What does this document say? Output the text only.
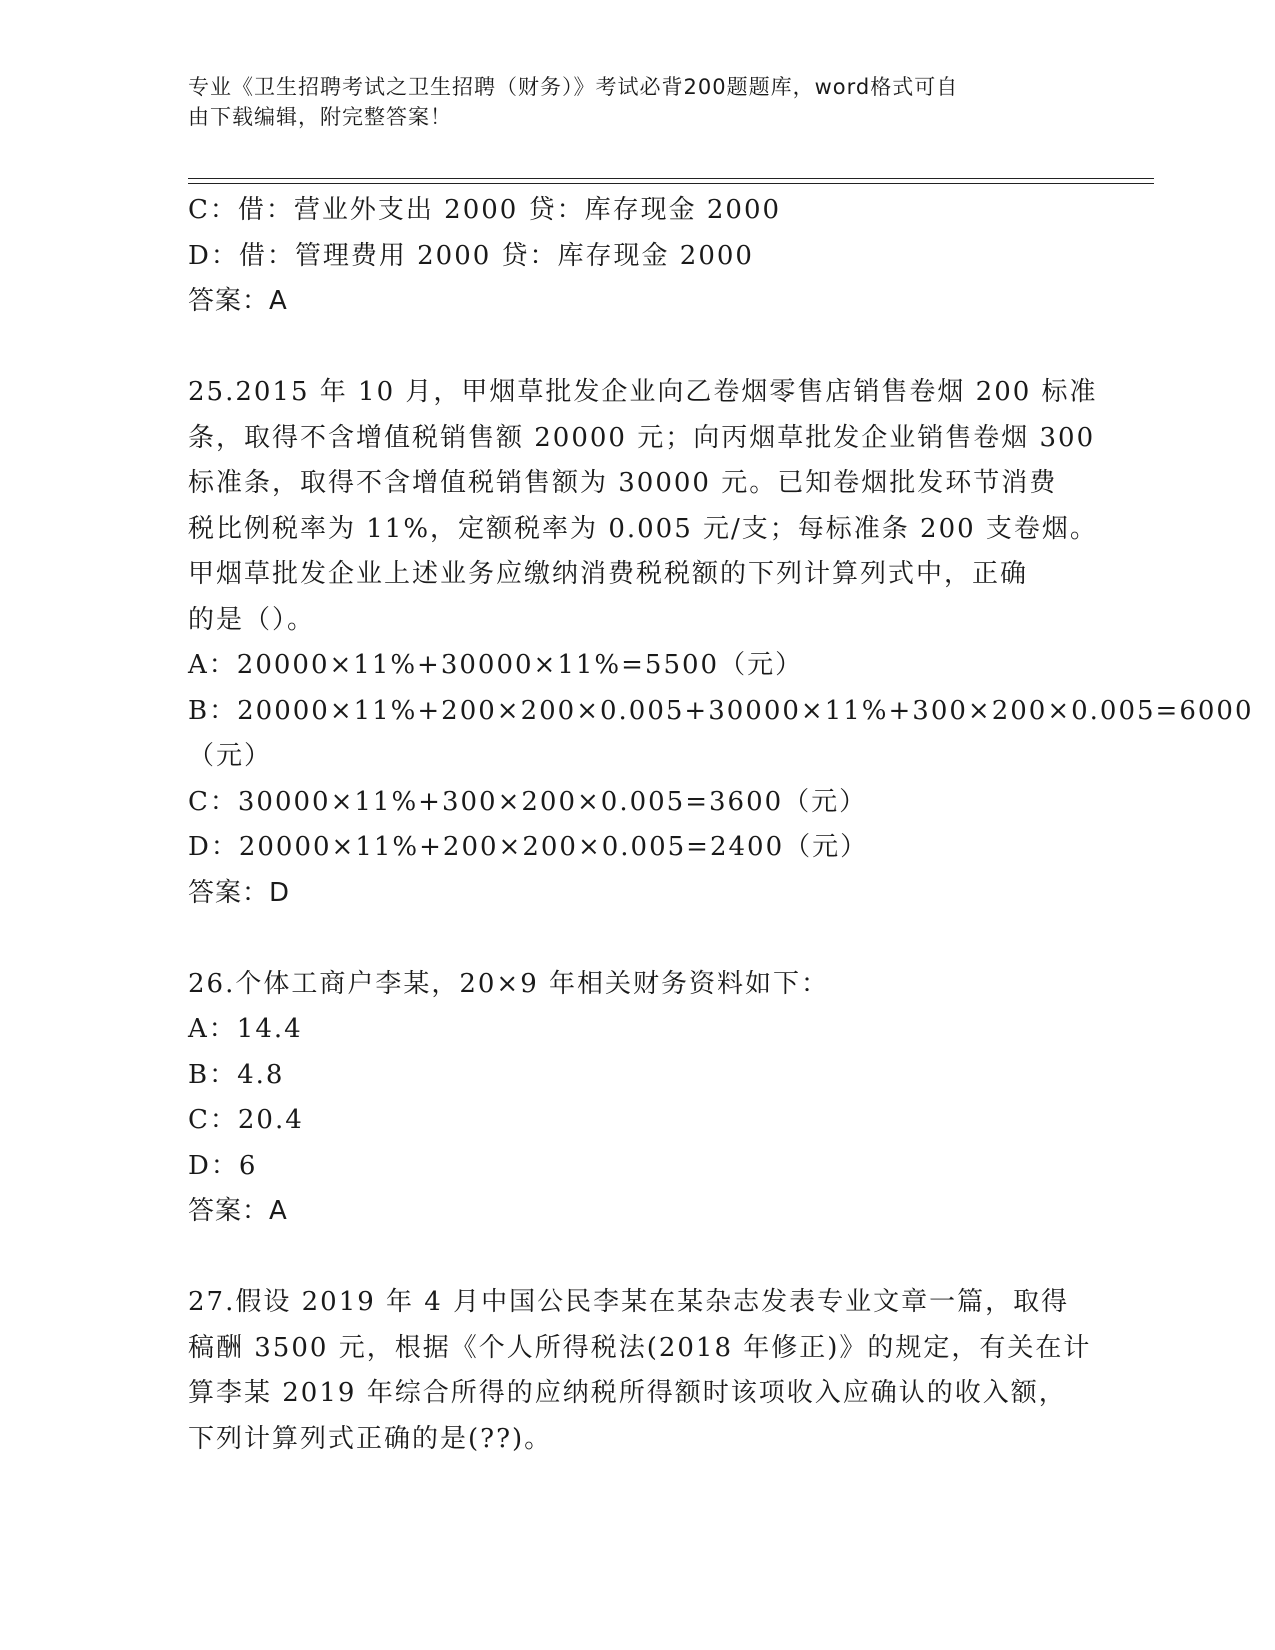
专业《卫生招聘考试之卫生招聘（财务）》考试必背200题题库，word格式可自
由下载编辑，附完整答案！
C：借：营业外支出 2000 贷：库存现金 2000
D：借：管理费用 2000 贷：库存现金 2000
答案：A
25.2015 年 10 月，甲烟草批发企业向乙卷烟零售店销售卷烟 200 标准
条，取得不含增值税销售额 20000 元；向丙烟草批发企业销售卷烟 300
标准条，取得不含增值税销售额为 30000 元。已知卷烟批发环节消费
税比例税率为 11%，定额税率为 0.005 元/支；每标准条 200 支卷烟。
甲烟草批发企业上述业务应缴纳消费税税额的下列计算列式中，正确
的是（）。
A：20000×11%+30000×11%=5500（元）
B：20000×11%+200×200×0.005+30000×11%+300×200×0.005=6000
（元）
C：30000×11%+300×200×0.005=3600（元）
D：20000×11%+200×200×0.005=2400（元）
答案：D
26.个体工商户李某，20×9 年相关财务资料如下：
A：14.4
B：4.8
C：20.4
D：6
答案：A
27.假设 2019 年 4 月中国公民李某在某杂志发表专业文章一篇，取得
稿酬 3500 元，根据《个人所得税法(2018 年修正)》的规定，有关在计
算李某 2019 年综合所得的应纳税所得额时该项收入应确认的收入额，
下列计算列式正确的是(??)。
